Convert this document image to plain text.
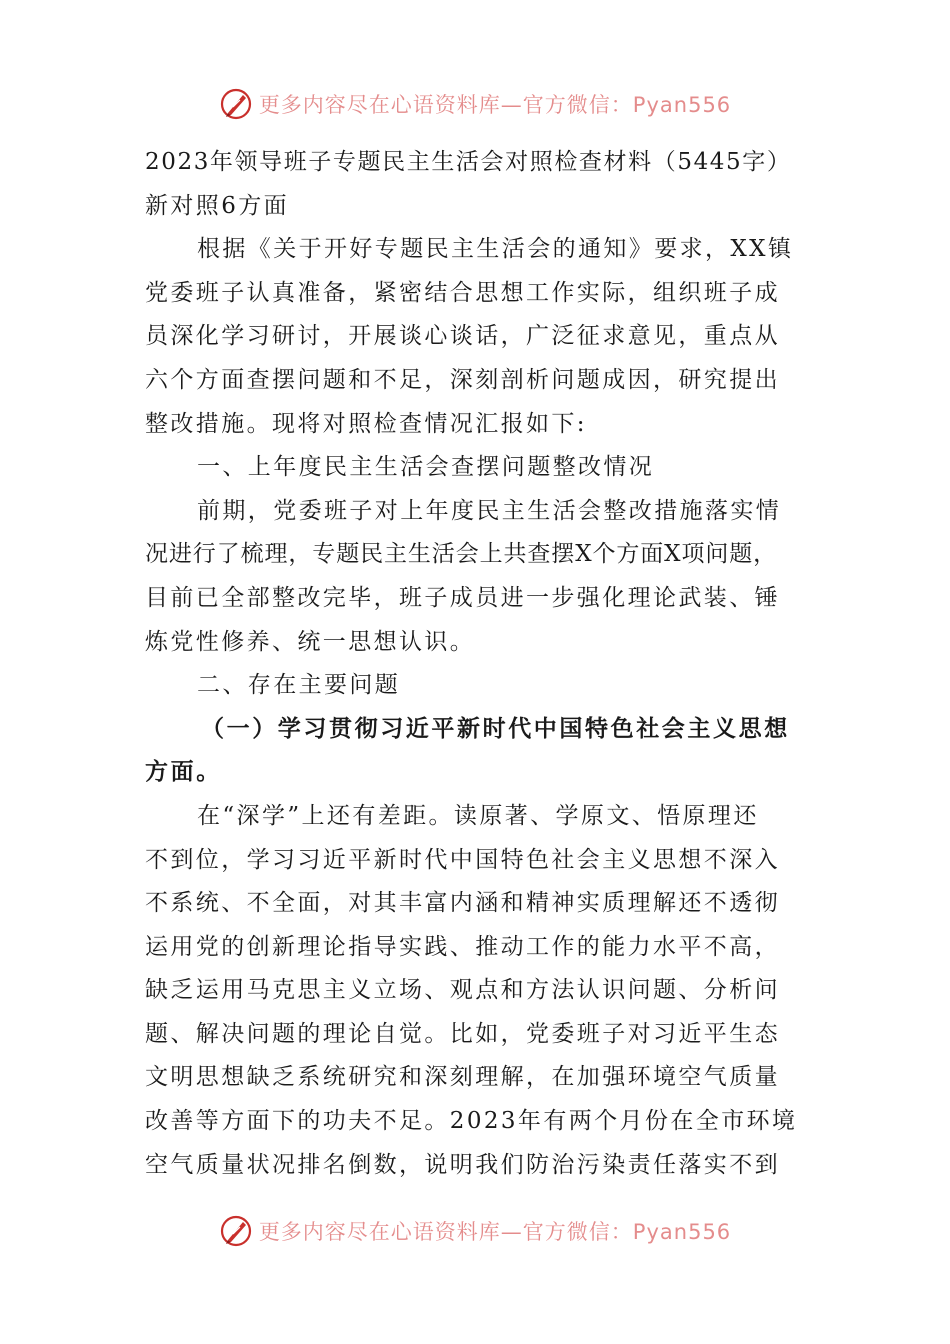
更多内容尽在心语资料库—官方微信：Pyan556
2023年领导班子专题民主生活会对照检查材料（5445字）
新对照6方面
根据《关于开好专题民主生活会的通知》要求，XX镇
党委班子认真准备，紧密结合思想工作实际，组织班子成
员深化学习研讨，开展谈心谈话，广泛征求意见，重点从
六个方面查摆问题和不足，深刻剖析问题成因，研究提出
整改措施。现将对照检查情况汇报如下:
一、上年度民主生活会查摆问题整改情况
前期，党委班子对上年度民主生活会整改措施落实情
况进行了梳理，专题民主生活会上共查摆X个方面X项问题，
目前已全部整改完毕，班子成员进一步强化理论武装、锤
炼党性修养、统一思想认识。
二、存在主要问题
（一）学习贯彻习近平新时代中国特色社会主义思想
方面。
在“深学”上还有差距。读原著、学原文、悟原理还
不到位，学习习近平新时代中国特色社会主义思想不深入
不系统、不全面，对其丰富内涵和精神实质理解还不透彻
运用党的创新理论指导实践、推动工作的能力水平不高，
缺乏运用马克思主义立场、观点和方法认识问题、分析问
题、解决问题的理论自觉。比如，党委班子对习近平生态
文明思想缺乏系统研究和深刻理解，在加强环境空气质量
改善等方面下的功夫不足。2023年有两个月份在全市环境
空气质量状况排名倒数，说明我们防治污染责任落实不到
更多内容尽在心语资料库—官方微信：Pyan556
